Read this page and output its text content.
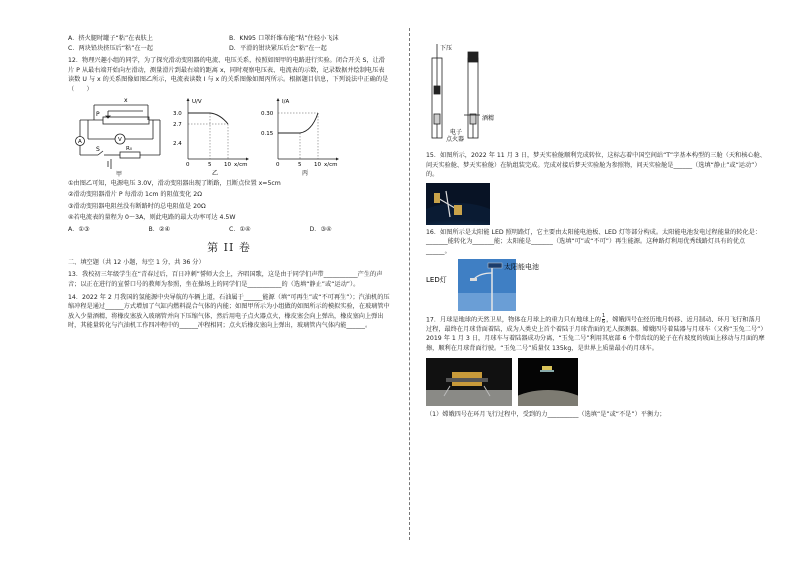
A．挤火腿时罐子“粘”在表肤上	B．KN95 口罩纤维布能“粘”住轻小飞沫
C．两块铅块挤压后“粘”在一起	D．平滑的钳块紧压后会“粘”在一起

12．物理兴趣小组的同学，为了探究滑动变阻器的电流、电压关系，按照如图甲的电路进行实验。闭合开关 S，让滑片 P 从最右端开始向左滑动，测量滑片到最右端的距离 x，同时观察电压表、电流表的示数，记录数据并绘制电压表读数 U 与 x 的关系图像如图乙所示，电流表读数 I 与 x 的关系图像如图丙所示。根据题目信息，下列说法中正确的是（　　）

x
P
A	V
S	R₀
甲
U/V
3.0
2.7
2.4
0	5 10 x/cm
乙
I/A
0.30
0.15
0	5 10 x/cm
丙

①由图乙可知，电源电压 3.0V，滑动变阻器出现了断路，且断点位置 x=5cm

②滑动变阻器滑片 P 每滑动 1cm 的阻值变化 2Ω

③滑动变阻器电阻丝没有断路时的总电阻值是 20Ω

④若电流表的量程为 0～3A，则此电路的最大功率可达 4.5W

A．①③	B．②④	C．①④	D．③④
第 II 卷

二、填空题（共 12 小题，每空 1 分，共 36 分）

13．我校初三年级学生在“青春过后，百日冲刺”誓师大会上，齐唱国歌，这是由于同学们声带___________产生的声音；以正在进行的宣誓口号的教师为参照，坐在操场上的同学们是___________的（选填“静止”或“运动”）。

14．2022 年 2 月我国的氢能源中央导航的车辆上道，石油属于______能源（填“可再生”或“不可再生”）；汽油机的压缩冲程是通过______方式增加了气缸内燃料混合气体的内能；如图甲所示为小组做的如图所示的模拟实验，在玻璃管中放入少量酒精，将橡皮塞放入玻璃管并向下压缩气体，然后用电子点火器点火，橡皮塞会向上弹出，橡皮塞向上弹出时，其能量转化与汽油机工作四冲程中的______冲程相同；点火后橡皮塞向上弹出，玻璃管内气体内能______。

下压
酒精
电子
点火器

15．如图所示，2022 年 11 月 3 日，梦天实验舱顺利完成转位，这标志着中国空间站“T”字基本构型的三舱（天和核心舱、问天实验舱、梦天实验舱）在轨组装完成。完成对接后梦天实验舱为参照物，问天实验舱是______（选填“静止”或“运动”）的。

16．如图所示是太阳能 LED 照明路灯，它主要由太阳能电池板、LED 灯等部分构成。太阳能电池发电过程能量的转化是：_______能转化为_______能；太阳能是_______（选填“可”或“不可”）再生能源。这种路灯利用优秀线路灯具有的优点______。

LED灯
太阳能电池

17．月球是地球的天然卫星，物体在月球上的重力只有地球上的 $\frac{1}{6}$ ，嫦娥四号在经历地月转移、近月制动、环月飞行和落月过程，最终在月球背面着陆，成为人类史上首个着陆于月球背面的无人探测器。嫦娥四号着陆器与月球车（又称“玉兔二号”）2019 年 1 月 3 日，月球车与着陆器成功分离，“玉兔二号”利用其底部 6 个带齿纹的轮子在有坡度的坡面上移动与月面的摩擦，顺利在月球背面行驶。“玉兔二号”质量仅 135kg，是世界上质量最小的月球车。

（1）嫦娥四号在环月飞行过程中，受到的力__________（选填“是”或“不是”）平衡力；
